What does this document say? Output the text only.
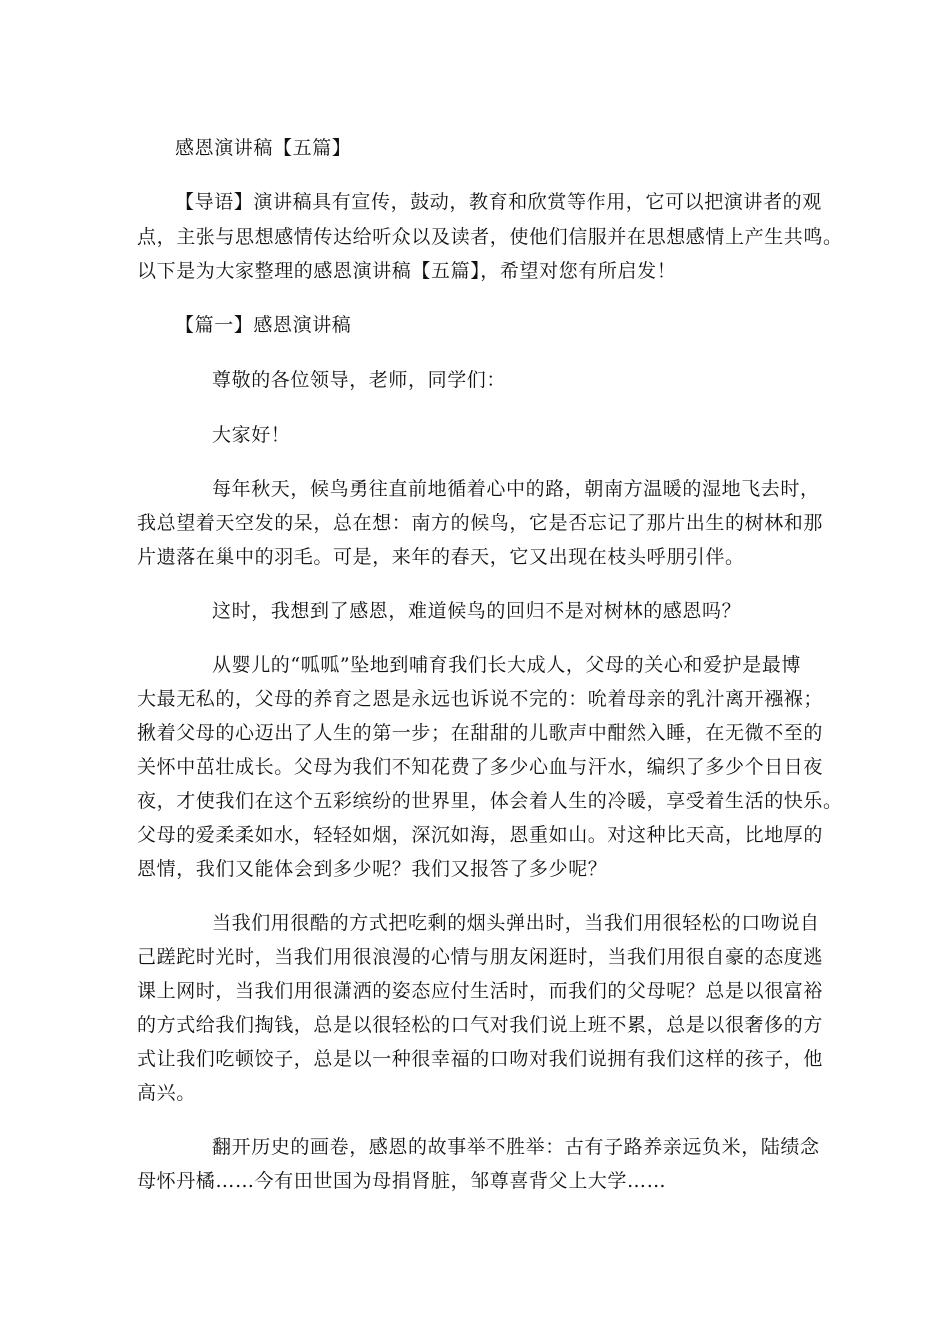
感恩演讲稿【五篇】
【导语】演讲稿具有宣传，鼓动，教育和欣赏等作用，它可以把演讲者的观
点，主张与思想感情传达给听众以及读者，使他们信服并在思想感情上产生共鸣。
以下是为大家整理的感恩演讲稿【五篇】，希望对您有所启发！
【篇一】感恩演讲稿
尊敬的各位领导，老师，同学们：
大家好！
每年秋天，候鸟勇往直前地循着心中的路，朝南方温暖的湿地飞去时，
我总望着天空发的呆，总在想：南方的候鸟，它是否忘记了那片出生的树林和那
片遗落在巢中的羽毛。可是，来年的春天，它又出现在枝头呼朋引伴。
这时，我想到了感恩，难道候鸟的回归不是对树林的感恩吗？
从婴儿的“呱呱”坠地到哺育我们长大成人，父母的关心和爱护是最博
大最无私的，父母的养育之恩是永远也诉说不完的：吮着母亲的乳汁离开襁褓；
揪着父母的心迈出了人生的第一步；在甜甜的儿歌声中酣然入睡，在无微不至的
关怀中茁壮成长。父母为我们不知花费了多少心血与汗水，编织了多少个日日夜
夜，才使我们在这个五彩缤纷的世界里，体会着人生的冷暖，享受着生活的快乐。
父母的爱柔柔如水，轻轻如烟，深沉如海，恩重如山。对这种比天高，比地厚的
恩情，我们又能体会到多少呢？我们又报答了多少呢？
当我们用很酷的方式把吃剩的烟头弹出时，当我们用很轻松的口吻说自
己蹉跎时光时，当我们用很浪漫的心情与朋友闲逛时，当我们用很自豪的态度逃
课上网时，当我们用很潇洒的姿态应付生活时，而我们的父母呢？总是以很富裕
的方式给我们掏钱，总是以很轻松的口气对我们说上班不累，总是以很奢侈的方
式让我们吃顿饺子，总是以一种很幸福的口吻对我们说拥有我们这样的孩子，他
高兴。
翻开历史的画卷，感恩的故事举不胜举：古有子路养亲远负米，陆绩念
母怀丹橘……今有田世国为母捐肾脏，邹尊喜背父上大学……
